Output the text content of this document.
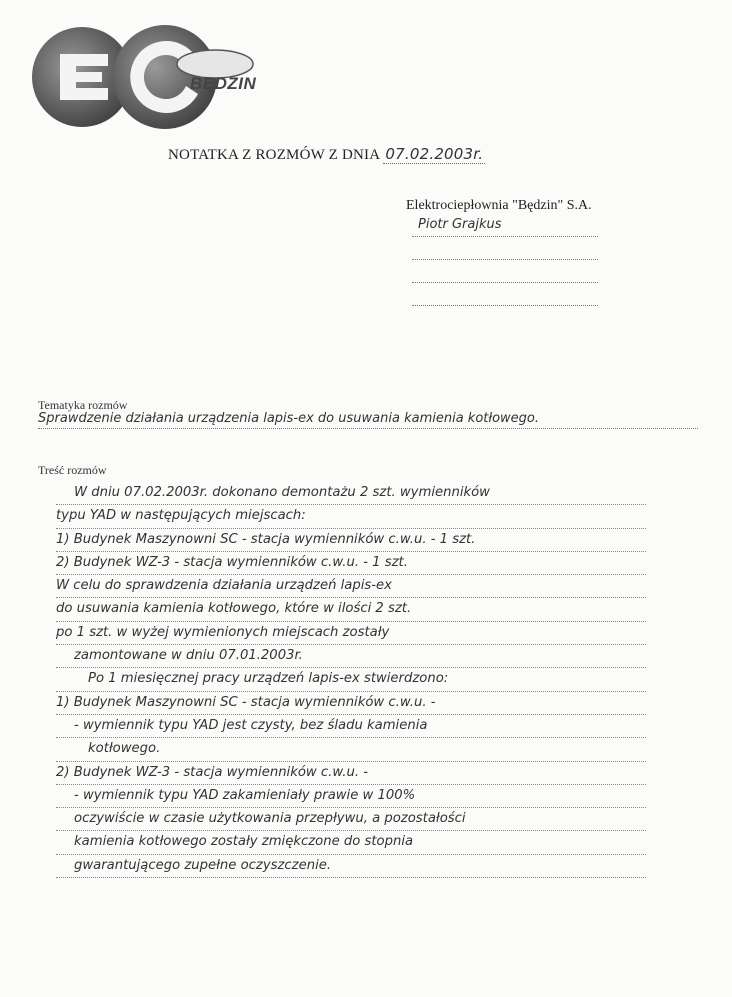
BĘDZIN
NOTATKA Z ROZMÓW Z DNIA 07.02.2003r.
Elektrociepłownia "Będzin" S.A.
Piotr Grajkus
Tematyka rozmów
Sprawdzenie działania urządzenia lapis-ex do usuwania kamienia kotłowego.
Treść rozmów
W dniu 07.02.2003r. dokonano demontażu 2 szt. wymienników
typu YAD w następujących miejscach:
1) Budynek Maszynowni SC - stacja wymienników c.w.u. - 1 szt.
2) Budynek WZ-3 - stacja wymienników c.w.u. - 1 szt.
W celu do sprawdzenia działania urządzeń lapis-ex
do usuwania kamienia kotłowego, które w ilości 2 szt.
po 1 szt. w wyżej wymienionych miejscach zostały
zamontowane w dniu 07.01.2003r.
Po 1 miesięcznej pracy urządzeń lapis-ex stwierdzono:
1) Budynek Maszynowni SC - stacja wymienników c.w.u. -
- wymiennik typu YAD jest czysty, bez śladu kamienia
kotłowego.
2) Budynek WZ-3 - stacja wymienników c.w.u. -
- wymiennik typu YAD zakamieniały prawie w 100%
oczywiście w czasie użytkowania przepływu, a pozostałości
kamienia kotłowego zostały zmiękczone do stopnia
gwarantującego zupełne oczyszczenie.
